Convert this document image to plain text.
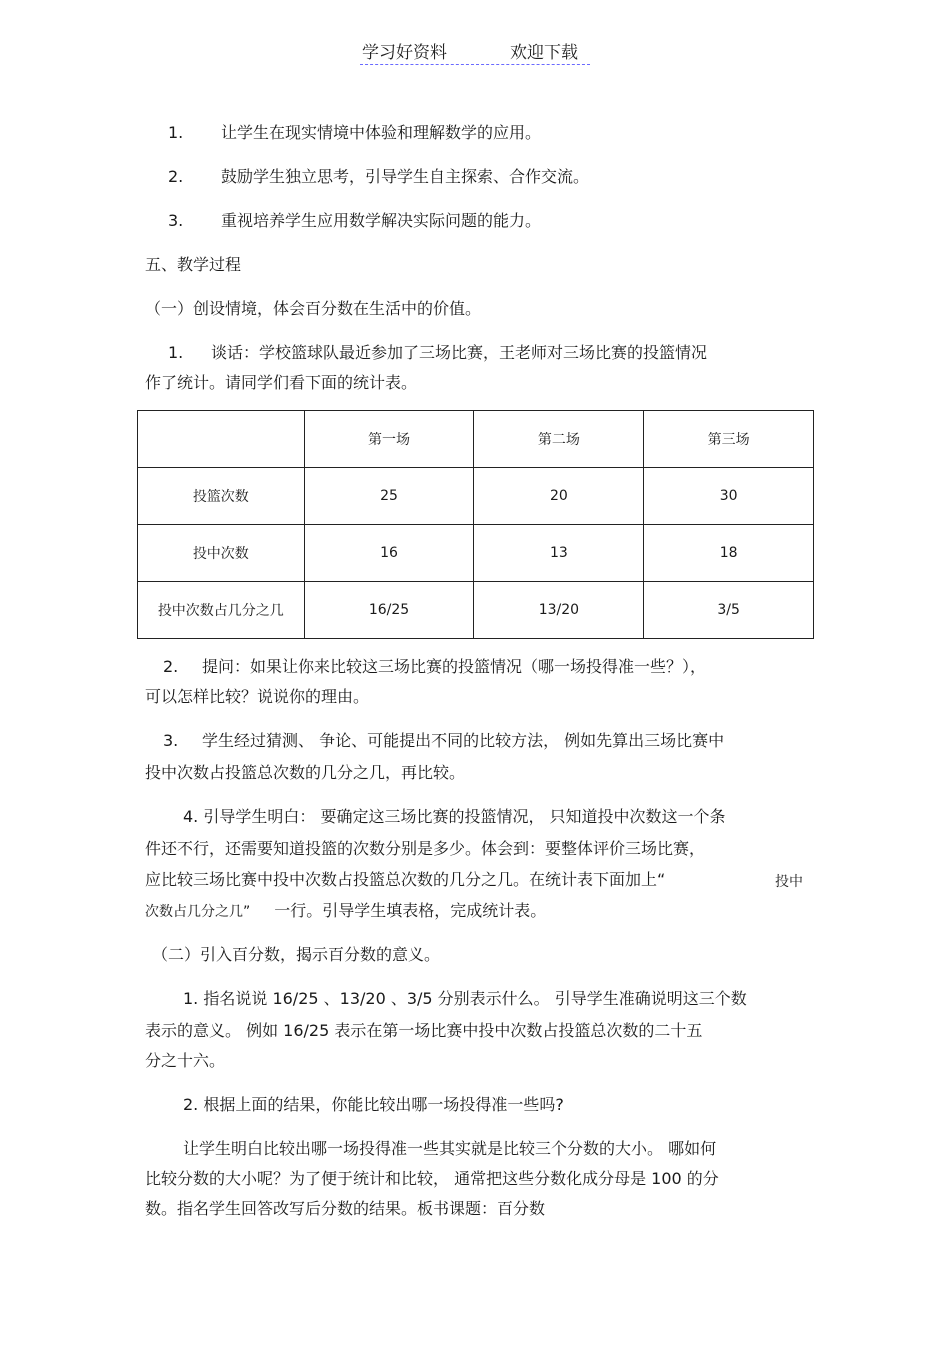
学习好资料	欢迎下载
1. 让学生在现实情境中体验和理解数学的应用。
2. 鼓励学生独立思考，引导学生自主探索、合作交流。
3. 重视培养学生应用数学解决实际问题的能力。
五、教学过程
（一）创设情境，体会百分数在生活中的价值。
1. 谈话：学校篮球队最近参加了三场比赛，王老师对三场比赛的投篮情况
作了统计。请同学们看下面的统计表。
	第一场	第二场	第三场
投篮次数	25	20	30
投中次数	16	13	18
投中次数占几分之几	16/25	13/20	3/5
2. 提问：如果让你来比较这三场比赛的投篮情况（哪一场投得准一些？），
可以怎样比较？说说你的理由。
3. 学生经过猜测、 争论、可能提出不同的比较方法， 例如先算出三场比赛中
投中次数占投篮总次数的几分之几，再比较。
4. 引导学生明白： 要确定这三场比赛的投篮情况， 只知道投中次数这一个条
件还不行，还需要知道投篮的次数分别是多少。体会到：要整体评价三场比赛，
应比较三场比赛中投中次数占投篮总次数的几分之几。在统计表下面加上“	投中
次数占几分之几” 一行。引导学生填表格，完成统计表。
（二）引入百分数，揭示百分数的意义。
1. 指名说说 16/25 、13/20 、3/5 分别表示什么。 引导学生准确说明这三个数
表示的意义。 例如 16/25 表示在第一场比赛中投中次数占投篮总次数的二十五
分之十六。
2. 根据上面的结果，你能比较出哪一场投得准一些吗?
让学生明白比较出哪一场投得准一些其实就是比较三个分数的大小。 哪如何
比较分数的大小呢？为了便于统计和比较， 通常把这些分数化成分母是 100 的分
数。指名学生回答改写后分数的结果。板书课题：百分数
